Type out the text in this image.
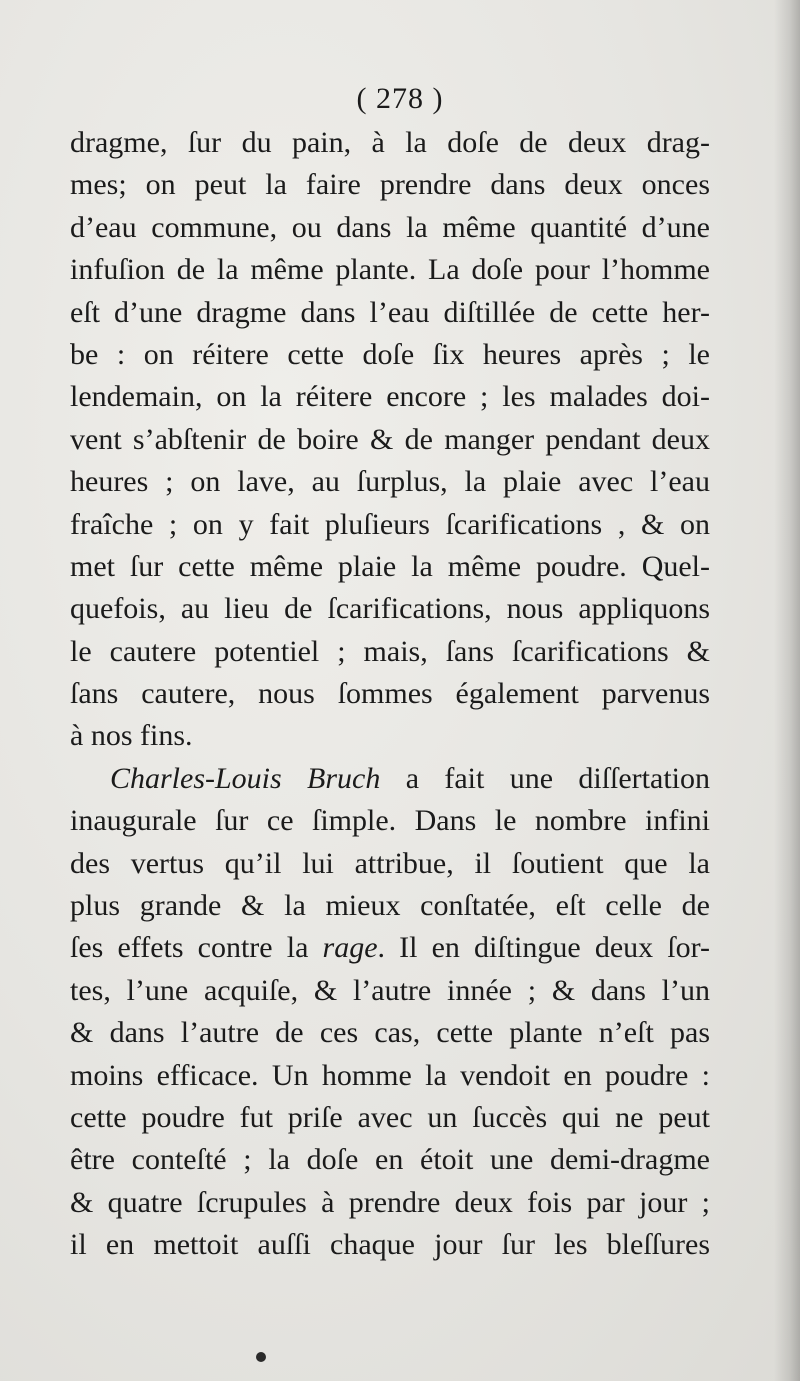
( 278 )
dragme, ſur du pain, à la doſe de deux drag-
mes; on peut la faire prendre dans deux onces
d’eau commune, ou dans la même quantité d’une
infuſion de la même plante. La doſe pour l’homme
eſt d’une dragme dans l’eau diſtillée de cette her-
be : on réitere cette doſe ſix heures après ; le
lendemain, on la réitere encore ; les malades doi-
vent s’abſtenir de boire & de manger pendant deux
heures ; on lave, au ſurplus, la plaie avec l’eau
fraîche ; on y fait pluſieurs ſcarifications , & on
met ſur cette même plaie la même poudre. Quel-
quefois, au lieu de ſcarifications, nous appliquons
le cautere potentiel ; mais, ſans ſcarifications &
ſans cautere, nous ſommes également parvenus
à nos fins.
Charles-Louis Bruch a fait une diſſertation
inaugurale ſur ce ſimple. Dans le nombre infini
des vertus qu’il lui attribue, il ſoutient que la
plus grande & la mieux conſtatée, eſt celle de
ſes effets contre la rage. Il en diſtingue deux ſor-
tes, l’une acquiſe, & l’autre innée ; & dans l’un
& dans l’autre de ces cas, cette plante n’eſt pas
moins efficace. Un homme la vendoit en poudre :
cette poudre fut priſe avec un ſuccès qui ne peut
être conteſté ; la doſe en étoit une demi-dragme
& quatre ſcrupules à prendre deux fois par jour ;
il en mettoit auſſi chaque jour ſur les bleſſures
